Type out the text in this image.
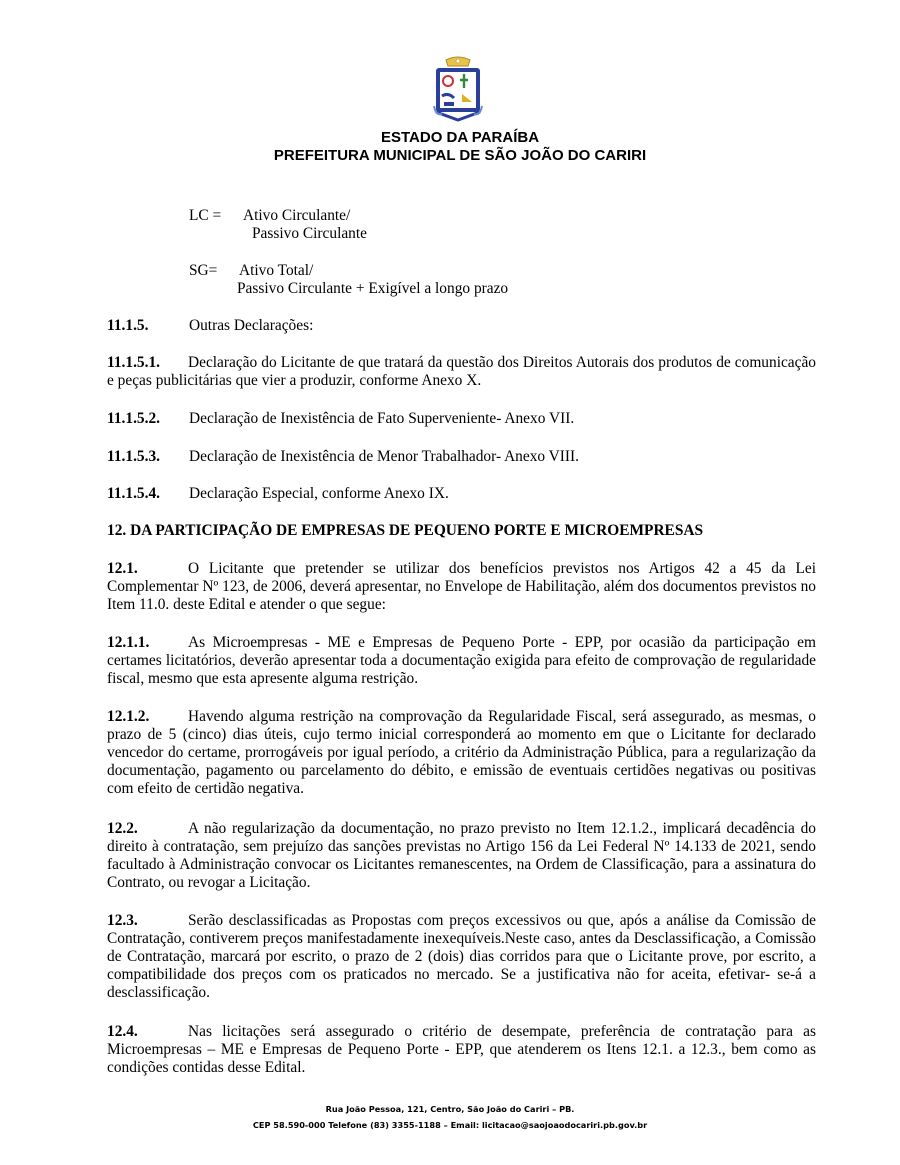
ESTADO DA PARAÍBA
PREFEITURA MUNICIPAL DE SÃO JOÃO DO CARIRI
LC = Ativo Circulante/
Passivo Circulante
SG= Ativo Total/
Passivo Circulante + Exigível a longo prazo
11.1.5.	Outras Declarações:
11.1.5.1. Declaração do Licitante de que tratará da questão dos Direitos Autorais dos produtos de comunicação e peças publicitárias que vier a produzir, conforme Anexo X.
11.1.5.2. Declaração de Inexistência de Fato Superveniente- Anexo VII.
11.1.5.3. Declaração de Inexistência de Menor Trabalhador- Anexo VIII.
11.1.5.4. Declaração Especial, conforme Anexo IX.
12. DA PARTICIPAÇÃO DE EMPRESAS DE PEQUENO PORTE E MICROEMPRESAS
12.1.	O Licitante que pretender se utilizar dos benefícios previstos nos Artigos 42 a 45 da Lei Complementar Nº 123, de 2006, deverá apresentar, no Envelope de Habilitação, além dos documentos previstos no Item 11.0. deste Edital e atender o que segue:
12.1.1.	As Microempresas - ME e Empresas de Pequeno Porte - EPP, por ocasião da participação em certames licitatórios, deverão apresentar toda a documentação exigida para efeito de comprovação de regularidade fiscal, mesmo que esta apresente alguma restrição.
12.1.2.	Havendo alguma restrição na comprovação da Regularidade Fiscal, será assegurado, as mesmas, o prazo de 5 (cinco) dias úteis, cujo termo inicial corresponderá ao momento em que o Licitante for declarado vencedor do certame, prorrogáveis por igual período, a critério da Administração Pública, para a regularização da documentação, pagamento ou parcelamento do débito, e emissão de eventuais certidões negativas ou positivas com efeito de certidão negativa.
12.2.	A não regularização da documentação, no prazo previsto no Item 12.1.2., implicará decadência do direito à contratação, sem prejuízo das sanções previstas no Artigo 156 da Lei Federal Nº 14.133 de 2021, sendo facultado à Administração convocar os Licitantes remanescentes, na Ordem de Classificação, para a assinatura do Contrato, ou revogar a Licitação.
12.3.	Serão desclassificadas as Propostas com preços excessivos ou que, após a análise da Comissão de Contratação, contiverem preços manifestadamente inexequíveis.Neste caso, antes da Desclassificação, a Comissão de Contratação, marcará por escrito, o prazo de 2 (dois) dias corridos para que o Licitante prove, por escrito, a compatibilidade dos preços com os praticados no mercado. Se a justificativa não for aceita, efetivar- se-á a desclassificação.
12.4.	Nas licitações será assegurado o critério de desempate, preferência de contratação para as Microempresas – ME e Empresas de Pequeno Porte - EPP, que atenderem os Itens 12.1. a 12.3., bem como as condições contidas desse Edital.
Rua João Pessoa, 121, Centro, São João do Cariri – PB.
CEP 58.590-000 Telefone (83) 3355-1188 – Email: licitacao@saojoaodocariri.pb.gov.br
